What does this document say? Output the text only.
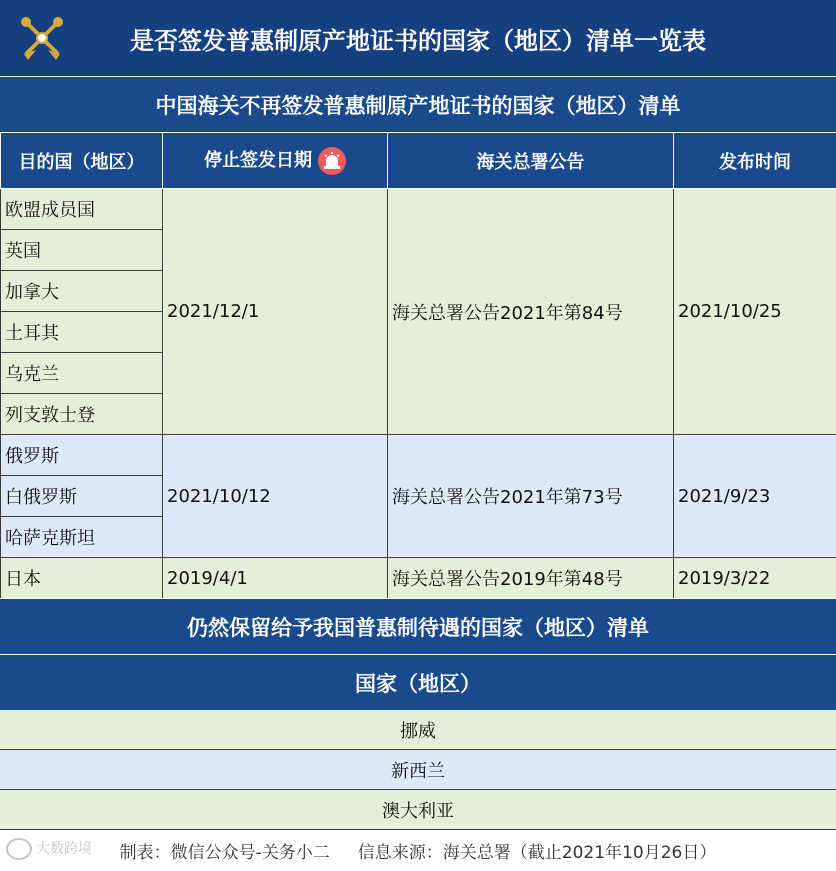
是否签发普惠制原产地证书的国家（地区）清单一览表
中国海关不再签发普惠制原产地证书的国家（地区）清单
目的国（地区）	停止签发日期	海关总署公告	发布时间
欧盟成员国	2021/12/1	海关总署公告2021年第84号	2021/10/25
英国			
加拿大			
土耳其			
乌克兰			
列支敦士登			
俄罗斯	2021/10/12	海关总署公告2021年第73号	2021/9/23
白俄罗斯			
哈萨克斯坦			
日本	2019/4/1	海关总署公告2019年第48号	2019/3/22
仍然保留给予我国普惠制待遇的国家（地区）清单
国家（地区）
挪威
新西兰
澳大利亚
制表：微信公众号-关务小二 信息来源：海关总署（截止2021年10月26日）
大数跨境
